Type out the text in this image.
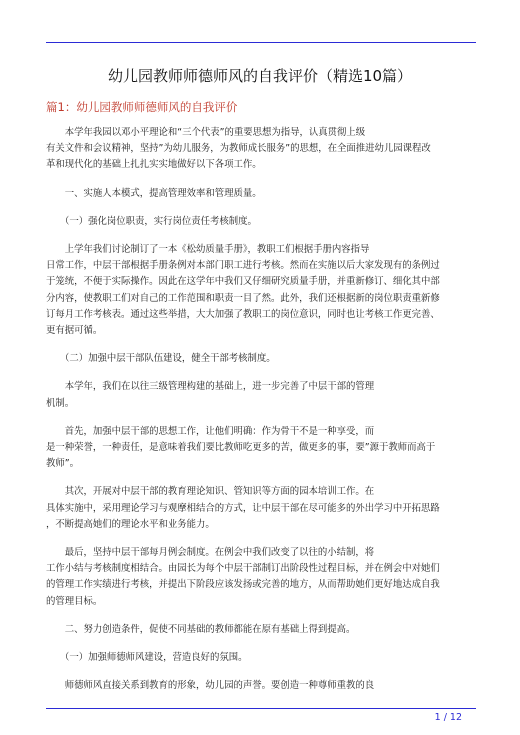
幼儿园教师师德师风的自我评价（精选10篇）
篇1：幼儿园教师师德师风的自我评价

　　本学年我园以邓小平理论和“三个代表”的重要思想为指导，认真贯彻上级
有关文件和会议精神，坚持”为幼儿服务，为教师成长服务”的思想，在全面推进幼儿园课程改
革和现代化的基础上扎扎实实地做好以下各项工作。

　　一、实施人本模式，提高管理效率和管理质量。

　　（一）强化岗位职责，实行岗位责任考核制度。

　　上学年我们讨论制订了一本《松幼质量手册》，教职工们根据手册内容指导
日常工作，中层干部根据手册条例对本部门职工进行考核。然而在实施以后大家发现有的条例过
于笼统，不便于实际操作。因此在这学年中我们又仔细研究质量手册，并重新修订、细化其中部
分内容，使教职工们对自己的工作范围和职责一目了然。此外，我们还根据新的岗位职责重新修
订每月工作考核表。通过这些举措，大大加强了教职工的岗位意识，同时也让考核工作更完善、
更有据可循。

　　（二）加强中层干部队伍建设，健全干部考核制度。

　　本学年，我们在以往三级管理构建的基础上，进一步完善了中层干部的管理
机制。

　　首先，加强中层干部的思想工作，让他们明确：作为骨干不是一种享受，而
是一种荣誉，一种责任，是意味着我们要比教师吃更多的苦，做更多的事，要”源于教师而高于
教师”。

　　其次，开展对中层干部的教育理论知识、管知识等方面的园本培训工作。在
具体实施中，采用理论学习与观摩相结合的方式，让中层干部在尽可能多的外出学习中开拓思路
，不断提高她们的理论水平和业务能力。

　　最后，坚持中层干部每月例会制度。在例会中我们改变了以往的小结制，将
工作小结与考核制度相结合。由园长为每个中层干部制订出阶段性过程目标，并在例会中对她们
的管理工作实绩进行考核，并提出下阶段应该发扬或完善的地方，从而帮助她们更好地达成自我
的管理目标。

　　二、努力创造条件，促使不同基础的教师都能在原有基础上得到提高。

　　（一）加强师德师风建设，营造良好的氛围。

　　师德师风直接关系到教育的形象，幼儿园的声誉。要创造一种尊师重教的良

1 / 12
